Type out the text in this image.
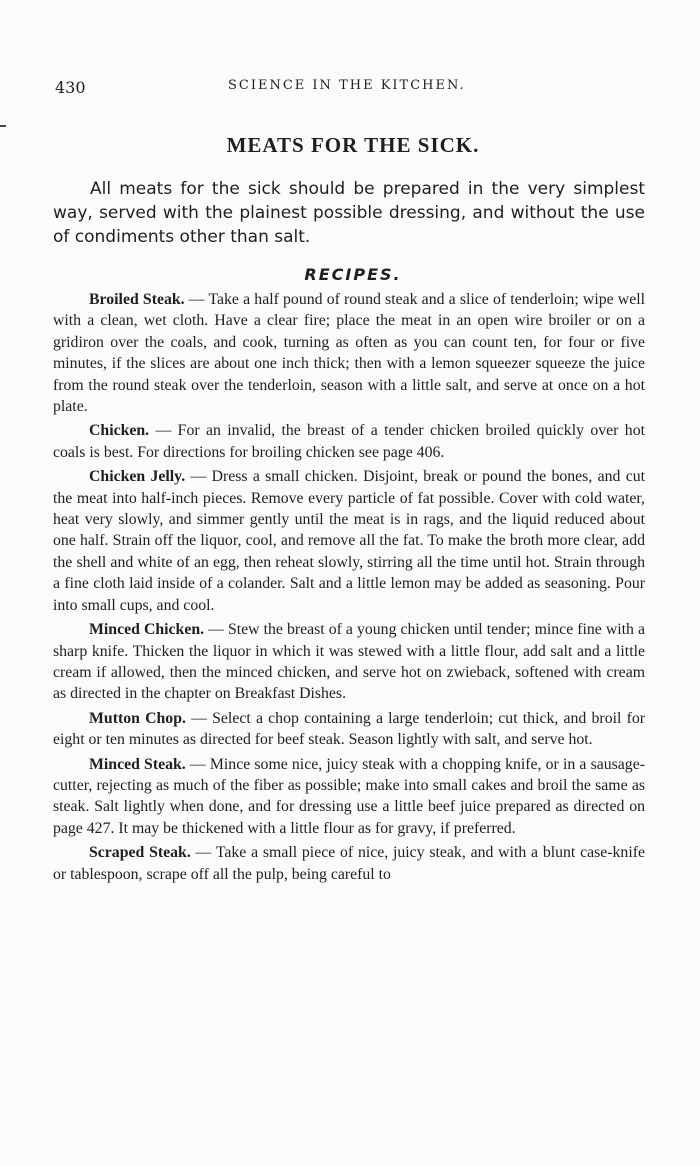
430	SCIENCE IN THE KITCHEN.
MEATS FOR THE SICK.

All meats for the sick should be prepared in the very simplest way, served with the plainest possible dressing, and without the use of condiments other than salt.

RECIPES.

Broiled Steak. — Take a half pound of round steak and a slice of tenderloin; wipe well with a clean, wet cloth. Have a clear fire; place the meat in an open wire broiler or on a gridiron over the coals, and cook, turning as often as you can count ten, for four or five minutes, if the slices are about one inch thick; then with a lemon squeezer squeeze the juice from the round steak over the tenderloin, season with a little salt, and serve at once on a hot plate.

Chicken. — For an invalid, the breast of a tender chicken broiled quickly over hot coals is best. For directions for broiling chicken see page 406.

Chicken Jelly. — Dress a small chicken. Disjoint, break or pound the bones, and cut the meat into half-inch pieces. Remove every particle of fat possible. Cover with cold water, heat very slowly, and simmer gently until the meat is in rags, and the liquid reduced about one half. Strain off the liquor, cool, and remove all the fat. To make the broth more clear, add the shell and white of an egg, then reheat slowly, stirring all the time until hot. Strain through a fine cloth laid inside of a colander. Salt and a little lemon may be added as seasoning. Pour into small cups, and cool.

Minced Chicken. — Stew the breast of a young chicken until tender; mince fine with a sharp knife. Thicken the liquor in which it was stewed with a little flour, add salt and a little cream if allowed, then the minced chicken, and serve hot on zwieback, softened with cream as directed in the chapter on Breakfast Dishes.

Mutton Chop. — Select a chop containing a large tenderloin; cut thick, and broil for eight or ten minutes as directed for beef steak. Season lightly with salt, and serve hot.

Minced Steak. — Mince some nice, juicy steak with a chopping knife, or in a sausage-cutter, rejecting as much of the fiber as possible; make into small cakes and broil the same as steak. Salt lightly when done, and for dressing use a little beef juice prepared as directed on page 427. It may be thickened with a little flour as for gravy, if preferred.

Scraped Steak. — Take a small piece of nice, juicy steak, and with a blunt case-knife or tablespoon, scrape off all the pulp, being careful to
